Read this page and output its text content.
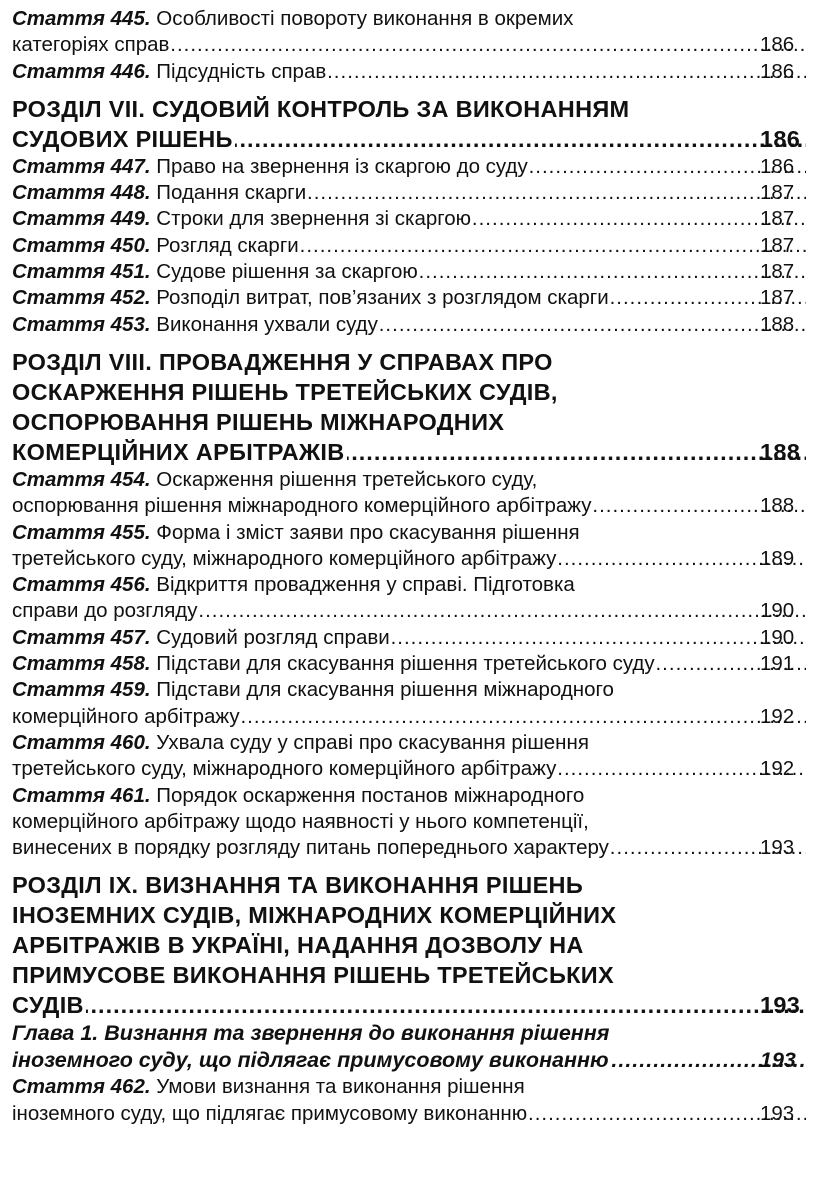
Стаття 445. Особливості повороту виконання в окремих
категоріях справ .....	186
Стаття 446. Підсудність справ .....	186
РОЗДІЛ VII. СУДОВИЙ КОНТРОЛЬ ЗА ВИКОНАННЯМ
СУДОВИХ РІШЕНЬ .....	186
Стаття 447. Право на звернення із скаргою до суду .....	186
Стаття 448. Подання скарги .....	187
Стаття 449. Строки для звернення зі скаргою .....	187
Стаття 450. Розгляд скарги .....	187
Стаття 451. Судове рішення за скаргою .....	187
Стаття 452. Розподіл витрат, пов’язаних з розглядом скарги .....	187
Стаття 453. Виконання ухвали суду .....	188
РОЗДІЛ VIII. ПРОВАДЖЕННЯ У СПРАВАХ ПРО
ОСКАРЖЕННЯ РІШЕНЬ ТРЕТЕЙСЬКИХ СУДІВ,
ОСПОРЮВАННЯ РІШЕНЬ МІЖНАРОДНИХ
КОМЕРЦІЙНИХ АРБІТРАЖІВ .....	188
Стаття 454. Оскарження рішення третейського суду,
оспорювання рішення міжнародного комерційного арбітражу .....	188
Стаття 455. Форма і зміст заяви про скасування рішення
третейського суду, міжнародного комерційного арбітражу .....	189
Стаття 456. Відкриття провадження у справі. Підготовка
справи до розгляду .....	190
Стаття 457. Судовий розгляд справи .....	190
Стаття 458. Підстави для скасування рішення третейського суду .....	191
Стаття 459. Підстави для скасування рішення міжнародного
комерційного арбітражу .....	192
Стаття 460. Ухвала суду у справі про скасування рішення
третейського суду, міжнародного комерційного арбітражу .....	192
Стаття 461. Порядок оскарження постанов міжнародного
комерційного арбітражу щодо наявності у нього компетенції,
винесених в порядку розгляду питань попереднього характеру .....	193
РОЗДІЛ IX. ВИЗНАННЯ ТА ВИКОНАННЯ РІШЕНЬ
ІНОЗЕМНИХ СУДІВ, МІЖНАРОДНИХ КОМЕРЦІЙНИХ
АРБІТРАЖІВ В УКРАЇНІ, НАДАННЯ ДОЗВОЛУ НА
ПРИМУСОВЕ ВИКОНАННЯ РІШЕНЬ ТРЕТЕЙСЬКИХ
СУДІВ .....	193
Глава 1. Визнання та звернення до виконання рішення
іноземного суду, що підлягає примусовому виконанню .....	193
Стаття 462. Умови визнання та виконання рішення
іноземного суду, що підлягає примусовому виконанню .....	193
